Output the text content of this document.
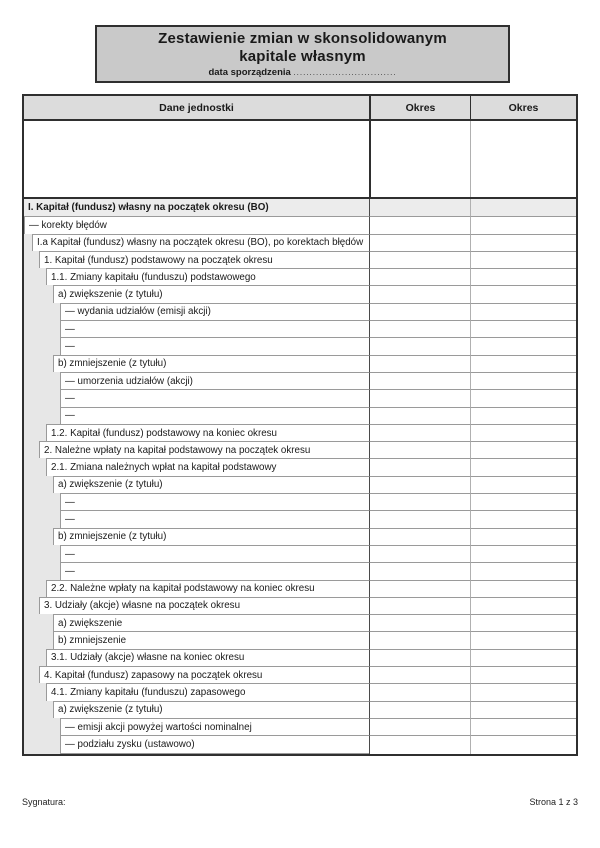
Zestawienie zmian w skonsolidowanym
kapitale własnym
data sporządzenia ................................
Dane jednostki	Okres	Okres
I. Kapitał (fundusz) własny na początek okresu (BO)
— korekty błędów
I.a Kapitał (fundusz) własny na początek okresu (BO), po korektach błędów
1. Kapitał (fundusz) podstawowy na początek okresu
1.1. Zmiany kapitału (funduszu) podstawowego
a) zwiększenie (z tytułu)
— wydania udziałów (emisji akcji)
—
—
b) zmniejszenie (z tytułu)
— umorzenia udziałów (akcji)
—
—
1.2. Kapitał (fundusz) podstawowy na koniec okresu
2. Należne wpłaty na kapitał podstawowy na początek okresu
2.1. Zmiana należnych wpłat na kapitał podstawowy
a) zwiększenie (z tytułu)
—
—
b) zmniejszenie (z tytułu)
—
—
2.2. Należne wpłaty na kapitał podstawowy na koniec okresu
3. Udziały (akcje) własne na początek okresu
a) zwiększenie
b) zmniejszenie
3.1. Udziały (akcje) własne na koniec okresu
4. Kapitał (fundusz) zapasowy na początek okresu
4.1. Zmiany kapitału (funduszu) zapasowego
a) zwiększenie (z tytułu)
— emisji akcji powyżej wartości nominalnej
— podziału zysku (ustawowo)
Sygnatura:	Strona 1 z 3
